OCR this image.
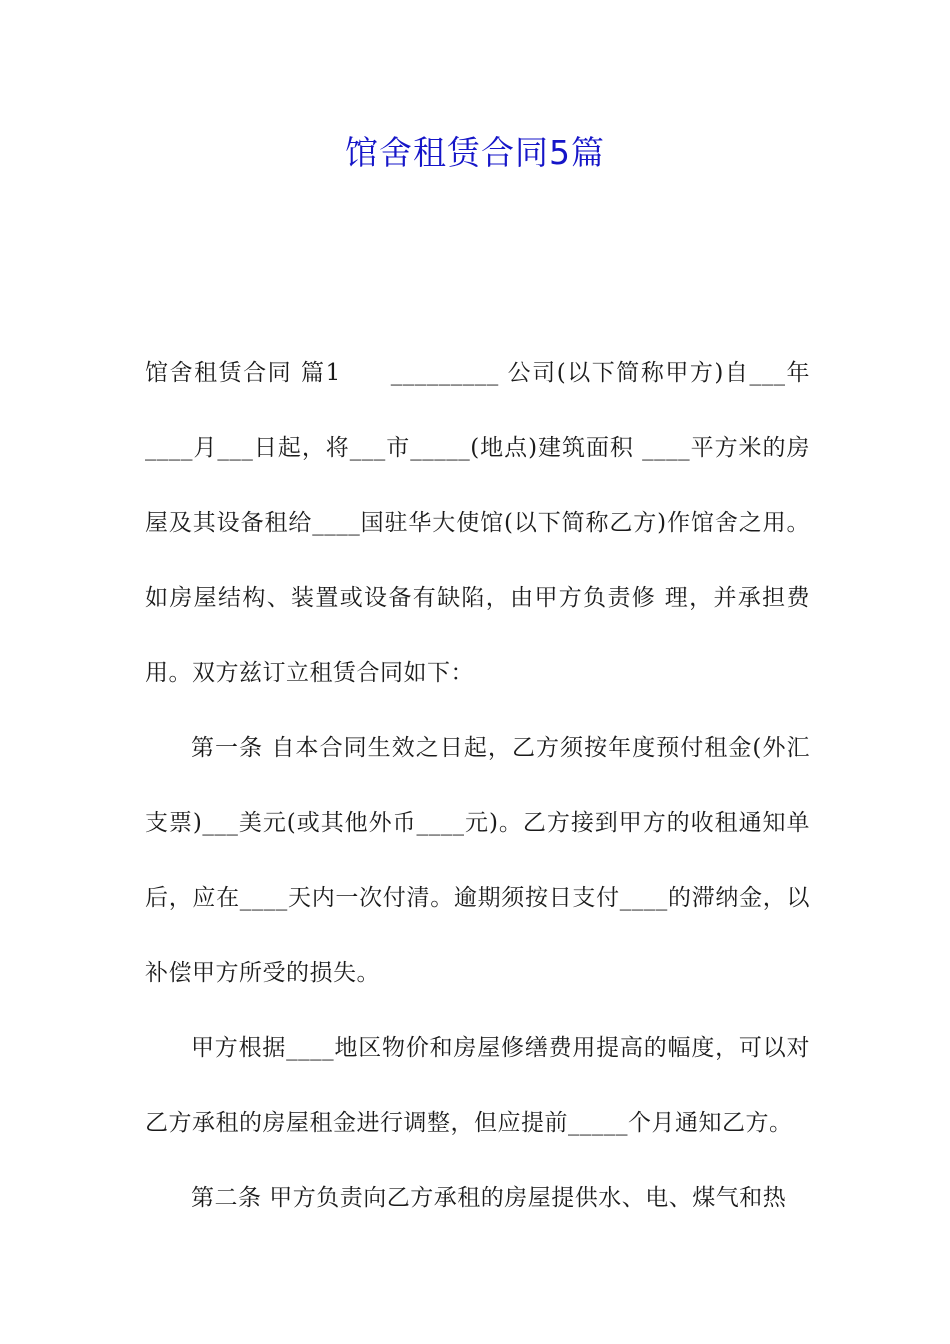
馆舍租赁合同5篇

馆舍租赁合同 篇1　　_________ 公司(以下简称甲方)自___年____月___日起，将___市_____(地点)建筑面积 ____平方米的房屋及其设备租给____国驻华大使馆(以下简称乙方)作馆舍之用。如房屋结构、装置或设备有缺陷，由甲方负责修 理，并承担费用。双方兹订立租赁合同如下：

第一条 自本合同生效之日起，乙方须按年度预付租金(外汇支票)___美元(或其他外币____元)。乙方接到甲方的收租通知单后，应在____天内一次付清。逾期须按日支付____的滞纳金，以补偿甲方所受的损失。

甲方根据____地区物价和房屋修缮费用提高的幅度，可以对乙方承租的房屋租金进行调整，但应提前_____个月通知乙方。

第二条 甲方负责向乙方承租的房屋提供水、电、煤气和热
